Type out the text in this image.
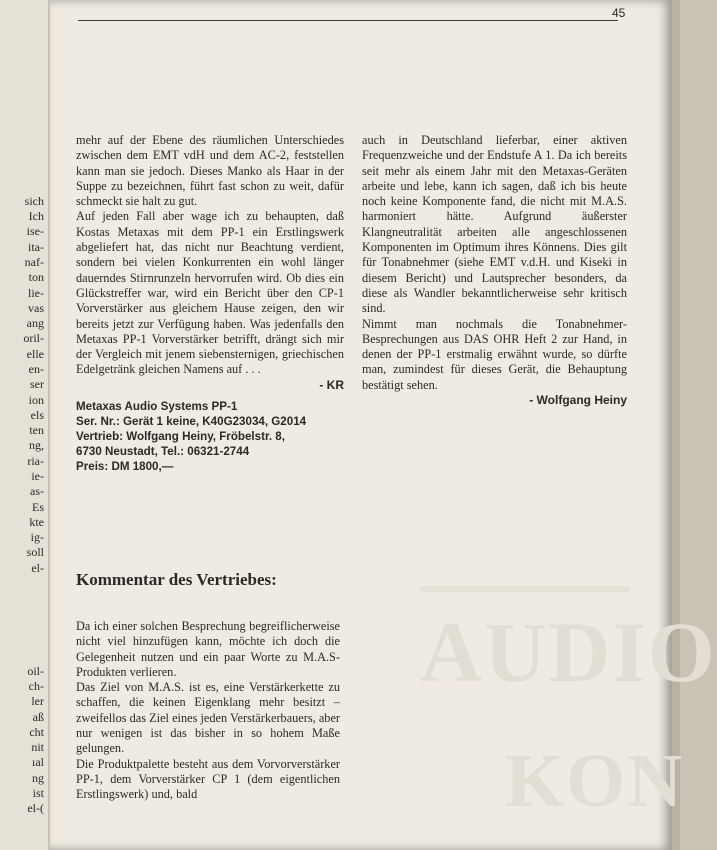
sich
Ich
ise-
ita-
naf-
ton
lie-
vas
ang
oril-
elle
en-
ser
ion
els
ten
ng,
ria-
ie-
as-
Es
kte
ig-
soll
el-
oil-
ch-
ler
aß
cht
nit
ıal
ng
ist
el-(
45
AUDIO
KON

mehr auf der Ebene des räumlichen Unterschiedes zwischen dem EMT vdH und dem AC-2, feststellen kann man sie jedoch. Dieses Manko als Haar in der Suppe zu bezeichnen, führt fast schon zu weit, dafür schmeckt sie halt zu gut.

Auf jeden Fall aber wage ich zu behaupten, daß Kostas Metaxas mit dem PP-1 ein Erstlingswerk abgeliefert hat, das nicht nur Beachtung verdient, sondern bei vielen Konkurrenten ein wohl länger dauerndes Stirnrunzeln hervorrufen wird. Ob dies ein Glückstreffer war, wird ein Bericht über den CP-1 Vorverstärker aus gleichem Hause zeigen, den wir bereits jetzt zur Verfügung haben. Was jedenfalls den Metaxas PP-1 Vorverstärker betrifft, drängt sich mir der Vergleich mit jenem siebensternigen, griechischen Edelgetränk gleichen Namens auf . . .

- KR
Metaxas Audio Systems PP-1
Ser. Nr.: Gerät 1 keine, K40G23034, G2014
Vertrieb: Wolfgang Heiny, Fröbelstr. 8,
6730 Neustadt, Tel.: 06321-2744
Preis: DM 1800,—

auch in Deutschland lieferbar, einer aktiven Frequenzweiche und der Endstufe A 1. Da ich bereits seit mehr als einem Jahr mit den Metaxas-Geräten arbeite und lebe, kann ich sagen, daß ich bis heute noch keine Komponente fand, die nicht mit M.A.S. harmoniert hätte. Aufgrund äußerster Klangneutralität arbeiten alle angeschlossenen Komponenten im Optimum ihres Könnens. Dies gilt für Tonabnehmer (siehe EMT v.d.H. und Kiseki in diesem Bericht) und Lautsprecher besonders, da diese als Wandler bekanntlicherweise sehr kritisch sind.

Nimmt man nochmals die Tonabnehmer-Besprechungen aus DAS OHR Heft 2 zur Hand, in denen der PP-1 erstmalig erwähnt wurde, so dürfte man, zumindest für dieses Gerät, die Behauptung bestätigt sehen.

- Wolfgang Heiny
Kommentar des Vertriebes:

Da ich einer solchen Besprechung begreiflicherweise nicht viel hinzufügen kann, möchte ich doch die Gelegenheit nutzen und ein paar Worte zu M.A.S-Produkten verlieren.

Das Ziel von M.A.S. ist es, eine Verstärkerkette zu schaffen, die keinen Eigenklang mehr besitzt – zweifellos das Ziel eines jeden Verstärkerbauers, aber nur wenigen ist das bisher in so hohem Maße gelungen.

Die Produktpalette besteht aus dem Vorvorverstärker PP-1, dem Vorverstärker CP 1 (dem eigentlichen Erstlingswerk) und, bald
